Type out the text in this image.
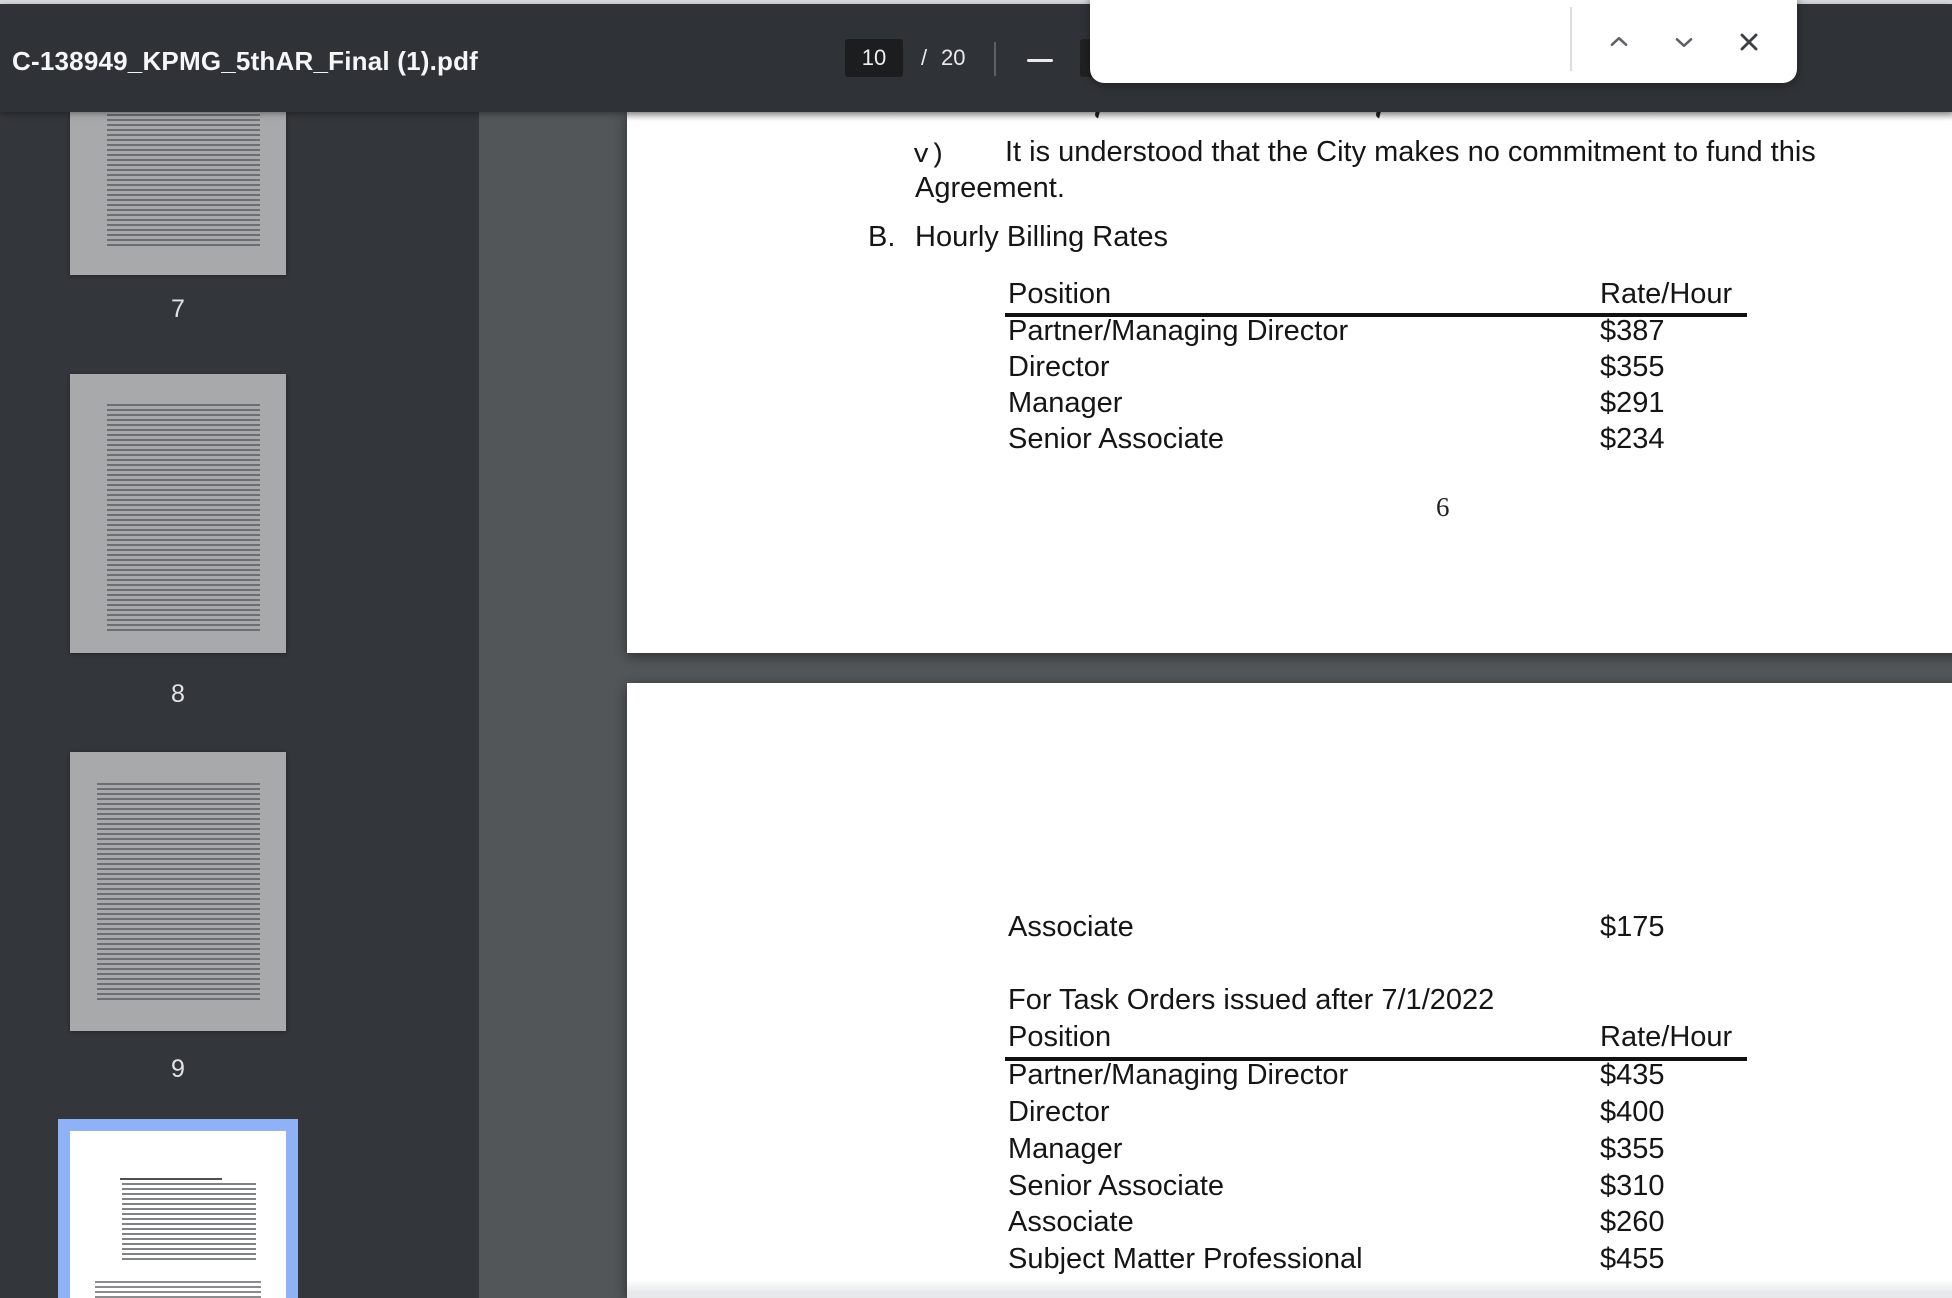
C-138949_KPMG_5thAR_Final (1).pdf	10	/ 20
7
8
9
v) It is understood that the City makes no commitment to fund this
Agreement.
B. Hourly Billing Rates
Position	Rate/Hour
Partner/Managing Director	$387
Director	$355
Manager	$291
Senior Associate	$234
6
Associate	$175
For Task Orders issued after 7/1/2022
Position	Rate/Hour
Partner/Managing Director	$435
Director	$400
Manager	$355
Senior Associate	$310
Associate	$260
Subject Matter Professional	$455
